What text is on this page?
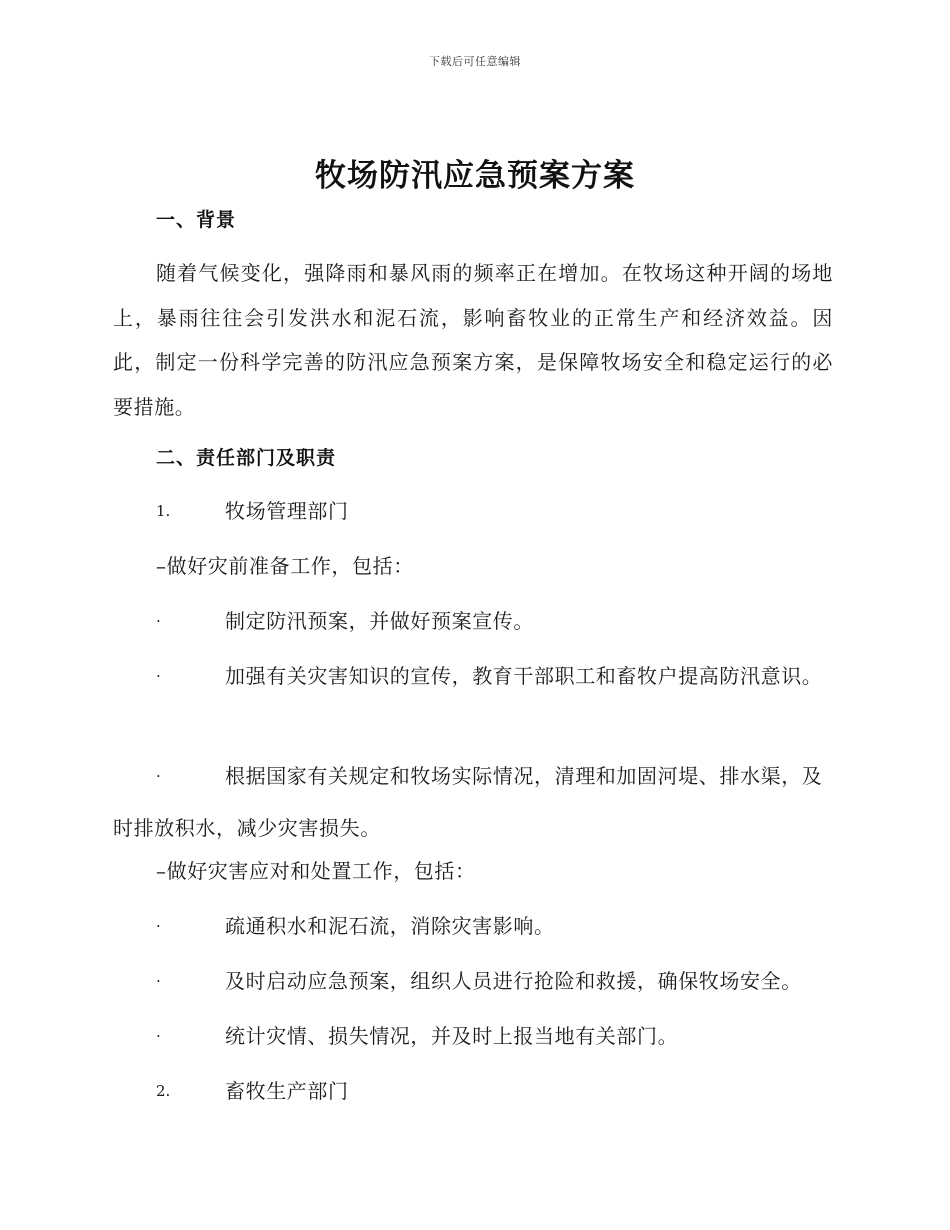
下载后可任意编辑
牧场防汛应急预案方案
一、背景
随着气候变化，强降雨和暴风雨的频率正在增加。在牧场这种开阔的场地上，暴雨往往会引发洪水和泥石流，影响畜牧业的正常生产和经济效益。因此，制定一份科学完善的防汛应急预案方案，是保障牧场安全和稳定运行的必要措施。
二、责任部门及职责
1.	牧场管理部门
–做好灾前准备工作，包括：
·	制定防汛预案，并做好预案宣传。
·	加强有关灾害知识的宣传，教育干部职工和畜牧户提高防汛意识。
·	根据国家有关规定和牧场实际情况，清理和加固河堤、排水渠，及时排放积水，减少灾害损失。
–做好灾害应对和处置工作，包括：
·	疏通积水和泥石流，消除灾害影响。
·	及时启动应急预案，组织人员进行抢险和救援，确保牧场安全。
·	统计灾情、损失情况，并及时上报当地有关部门。
2.	畜牧生产部门
